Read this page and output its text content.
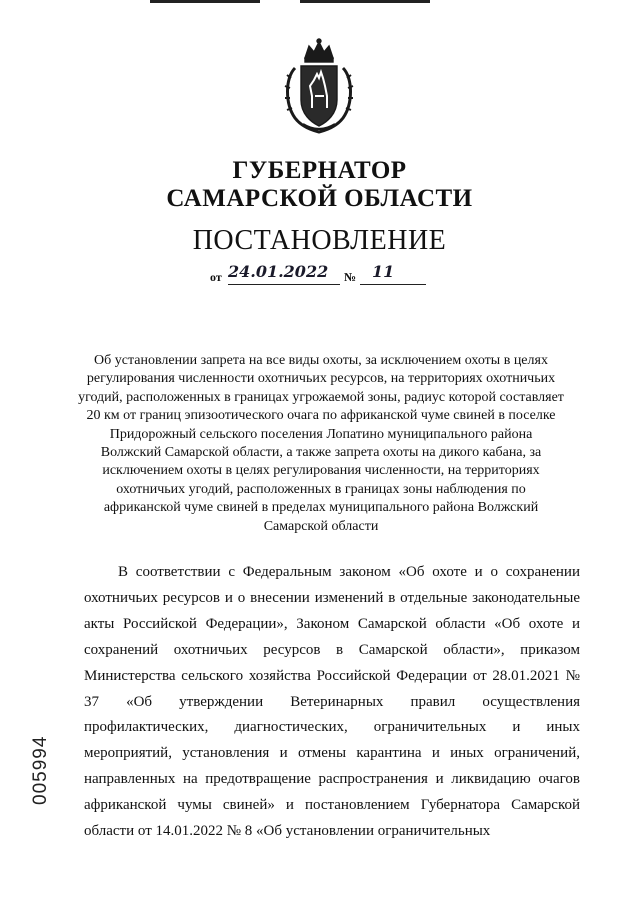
ГУБЕРНАТОР
САМАРСКОЙ ОБЛАСТИ
ПОСТАНОВЛЕНИЕ
от 24.01.2022	№ 11
Об установлении запрета на все виды охоты, за исключением охоты в целях регулирования численности охотничьих ресурсов, на территориях охотничьих угодий, расположенных в границах угрожаемой зоны, радиус которой составляет 20 км от границ эпизоотического очага по африканской чуме свиней в поселке Придорожный сельского поселения Лопатино муниципального района Волжский Самарской области, а также запрета охоты на дикого кабана, за исключением охоты в целях регулирования численности, на территориях охотничьих угодий, расположенных в границах зоны наблюдения по африканской чуме свиней в пределах муниципального района Волжский Самарской области
В соответствии с Федеральным законом «Об охоте и о сохранении охотничьих ресурсов и о внесении изменений в отдельные законодательные акты Российской Федерации», Законом Самарской области «Об охоте и сохранений охотничьих ресурсов в Самарской области», приказом Министерства сельского хозяйства Российской Федерации от 28.01.2021 № 37 «Об утверждении Ветеринарных правил осуществления профилактических, диагностических, ограничительных и иных мероприятий, установления и отмены карантина и иных ограничений, направленных на предотвращение распространения и ликвидацию очагов африканской чумы свиней» и постановлением Губернатора Самарской области от 14.01.2022 № 8 «Об установлении ограничительных
005994
